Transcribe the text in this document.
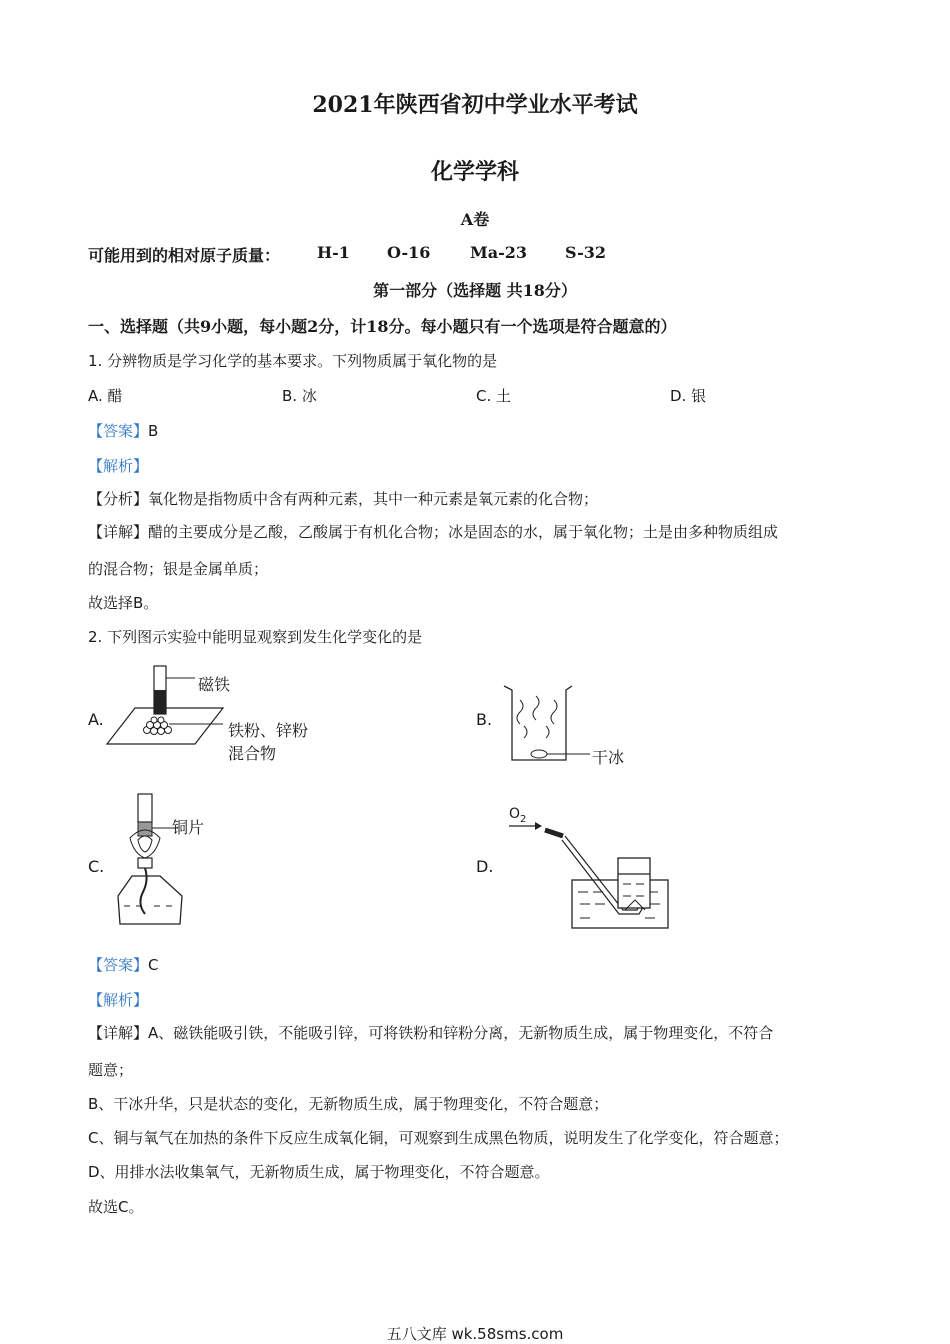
2021年陕西省初中学业水平考试
化学学科
A卷
可能用到的相对原子质量： H-1 O-16 Ma-23 S-32
第一部分（选择题 共18分）
一、选择题（共9小题，每小题2分，计18分。每小题只有一个选项是符合题意的）
1. 分辨物质是学习化学的基本要求。下列物质属于氧化物的是
A. 醋	B. 冰	C. 土	D. 银
【答案】B
【解析】
【分析】氧化物是指物质中含有两种元素，其中一种元素是氧元素的化合物；
【详解】醋的主要成分是乙酸，乙酸属于有机化合物；冰是固态的水，属于氧化物；土是由多种物质组成
的混合物；银是金属单质；
故选择B。
2. 下列图示实验中能明显观察到发生化学变化的是
A.
磁铁
铁粉、锌粉
混合物
B.
干冰
C.
铜片
D.
$O_2$
【答案】C
【解析】
【详解】A、磁铁能吸引铁，不能吸引锌，可将铁粉和锌粉分离，无新物质生成，属于物理变化，不符合
题意；
B、干冰升华，只是状态的变化，无新物质生成，属于物理变化，不符合题意；
C、铜与氧气在加热的条件下反应生成氧化铜，可观察到生成黑色物质，说明发生了化学变化，符合题意；
D、用排水法收集氧气，无新物质生成，属于物理变化，不符合题意。
故选C。
五八文库 wk.58sms.com
